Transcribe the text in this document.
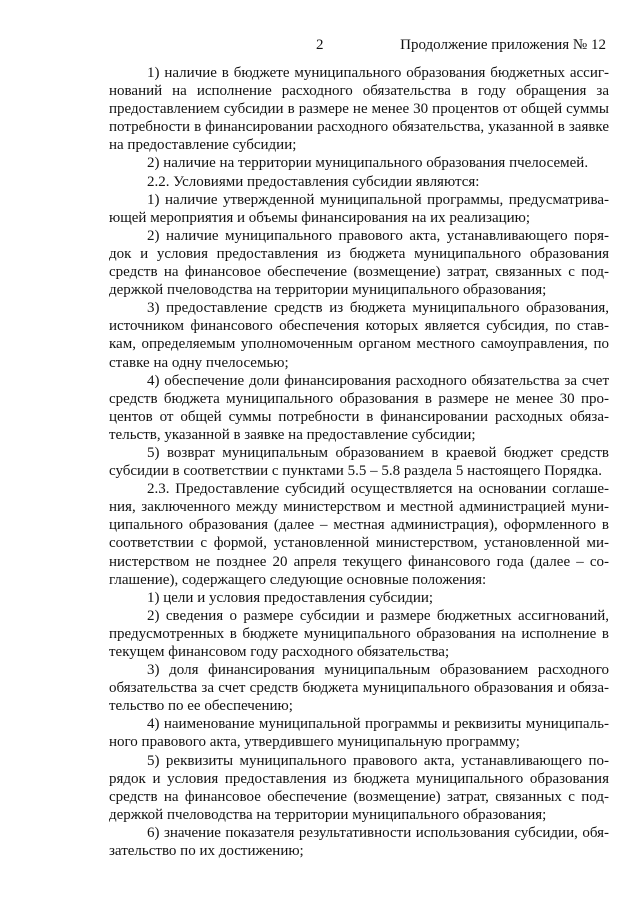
2	Продолжение приложения № 12

1) наличие в бюджете муниципального образования бюджетных ассигнований на исполнение расходного обязательства в году обращения за предоставлением субсидии в размере не менее 30 процентов от общей суммы потребности в финансировании расходного обязательства, указанной в заявке на предоставление субсидии;

2) наличие на территории муниципального образования пчелосемей.

2.2. Условиями предоставления субсидии являются:

1) наличие утвержденной муниципальной программы, предусматривающей мероприятия и объемы финансирования на их реализацию;

2) наличие муниципального правового акта, устанавливающего порядок и условия предоставления из бюджета муниципального образования средств на финансовое обеспечение (возмещение) затрат, связанных с поддержкой пчеловодства на территории муниципального образования;

3) предоставление средств из бюджета муниципального образования, источником финансового обеспечения которых является субсидия, по ставкам, определяемым уполномоченным органом местного самоуправления, по ставке на одну пчелосемью;

4) обеспечение доли финансирования расходного обязательства за счет средств бюджета муниципального образования в размере не менее 30 процентов от общей суммы потребности в финансировании расходных обязательств, указанной в заявке на предоставление субсидии;

5) возврат муниципальным образованием в краевой бюджет средств субсидии в соответствии с пунктами 5.5 – 5.8 раздела 5 настоящего Порядка.

2.3. Предоставление субсидий осуществляется на основании соглашения, заключенного между министерством и местной администрацией муниципального образования (далее – местная администрация), оформленного в соответствии с формой, установленной министерством, установленной министерством не позднее 20 апреля текущего финансового года (далее – соглашение), содержащего следующие основные положения:

1) цели и условия предоставления субсидии;

2) сведения о размере субсидии и размере бюджетных ассигнований, предусмотренных в бюджете муниципального образования на исполнение в текущем финансовом году расходного обязательства;

3) доля финансирования муниципальным образованием расходного обязательства за счет средств бюджета муниципального образования и обязательство по ее обеспечению;

4) наименование муниципальной программы и реквизиты муниципального правового акта, утвердившего муниципальную программу;

5) реквизиты муниципального правового акта, устанавливающего порядок и условия предоставления из бюджета муниципального образования средств на финансовое обеспечение (возмещение) затрат, связанных с поддержкой пчеловодства на территории муниципального образования;

6) значение показателя результативности использования субсидии, обязательство по их достижению;
